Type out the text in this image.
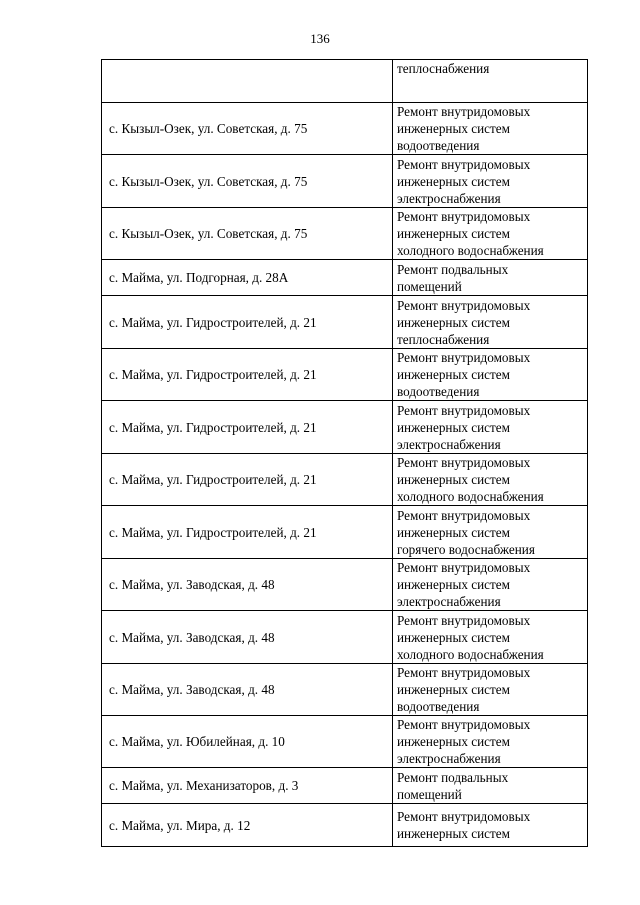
136

	теплоснабжения

с. Кызыл-Озек, ул. Советская, д. 75	Ремонт внутридомовых
инженерных систем
водоотведения

с. Кызыл-Озек, ул. Советская, д. 75	Ремонт внутридомовых
инженерных систем
электроснабжения

с. Кызыл-Озек, ул. Советская, д. 75	Ремонт внутридомовых
инженерных систем
холодного водоснабжения

с. Майма, ул. Подгорная, д. 28А	Ремонт подвальных
помещений

с. Майма, ул. Гидростроителей, д. 21	Ремонт внутридомовых
инженерных систем
теплоснабжения

с. Майма, ул. Гидростроителей, д. 21	Ремонт внутридомовых
инженерных систем
водоотведения

с. Майма, ул. Гидростроителей, д. 21	Ремонт внутридомовых
инженерных систем
электроснабжения

с. Майма, ул. Гидростроителей, д. 21	Ремонт внутридомовых
инженерных систем
холодного водоснабжения

с. Майма, ул. Гидростроителей, д. 21	Ремонт внутридомовых
инженерных систем
горячего водоснабжения

с. Майма, ул. Заводская, д. 48	Ремонт внутридомовых
инженерных систем
электроснабжения

с. Майма, ул. Заводская, д. 48	Ремонт внутридомовых
инженерных систем
холодного водоснабжения

с. Майма, ул. Заводская, д. 48	Ремонт внутридомовых
инженерных систем
водоотведения

с. Майма, ул. Юбилейная, д. 10	Ремонт внутридомовых
инженерных систем
электроснабжения

с. Майма, ул. Механизаторов, д. 3	Ремонт подвальных
помещений

с. Майма, ул. Мира, д. 12	Ремонт внутридомовых
инженерных систем
